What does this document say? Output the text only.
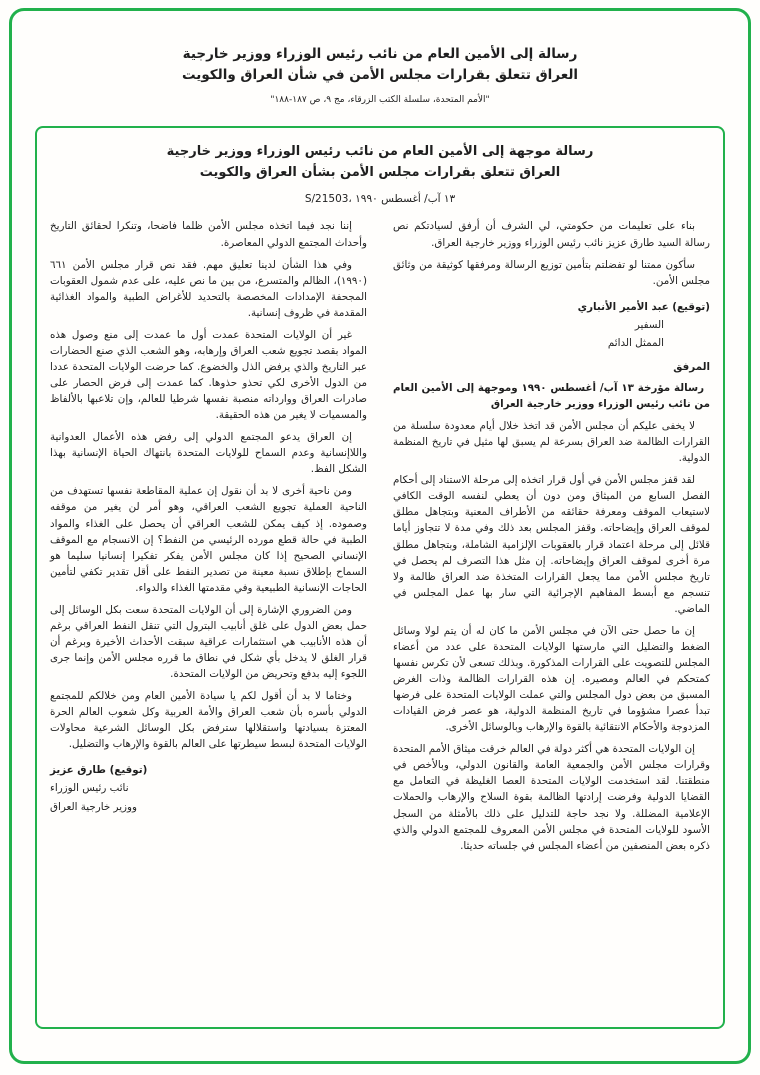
رسالة إلى الأمين العام من نائب رئيس الوزراء ووزير خارجية
العراق تتعلق بقرارات مجلس الأمن في شأن العراق والكويت
"الأمم المتحدة، سلسلة الكتب الزرقاء، مج ٩، ص ١٨٧-١٨٨"
رسالة موجهة إلى الأمين العام من نائب رئيس الوزراء ووزير خارجية
العراق تتعلق بقرارات مجلس الأمن بشأن العراق والكويت
S/21503، ١٣ آب/ أغسطس ١٩٩٠

بناء على تعليمات من حكومتي، لي الشرف أن أرفق لسيادتكم نص رسالة السيد طارق عزيز نائب رئيس الوزراء ووزير خارجية العراق.

سأكون ممتنا لو تفضلتم بتأمين توزيع الرسالة ومرفقها كوثيقة من وثائق مجلس الأمن.

(توقيع) عبد الأمير الأنباري

السفير

الممثل الدائم

المرفق

رسالة مؤرخة ١٣ آب/ أغسطس ١٩٩٠ وموجهة إلى الأمين العام من نائب رئيس الوزراء ووزير خارجية العراق

لا يخفى عليكم أن مجلس الأمن قد اتخذ خلال أيام معدودة سلسلة من القرارات الظالمة ضد العراق بسرعة لم يسبق لها مثيل في تاريخ المنظمة الدولية.

لقد قفز مجلس الأمن في أول قرار اتخذه إلى مرحلة الاستناد إلى أحكام الفصل السابع من الميثاق ومن دون أن يعطي لنفسه الوقت الكافي لاستيعاب الموقف ومعرفة حقائقه من الأطراف المعنية وبتجاهل مطلق لموقف العراق وإيضاحاته. وقفز المجلس بعد ذلك وفي مدة لا تتجاوز أياما قلائل إلى مرحلة اعتماد قرار بالعقوبات الإلزامية الشاملة، وبتجاهل مطلق مرة أخرى لموقف العراق وإيضاحاته. إن مثل هذا التصرف لم يحصل في تاريخ مجلس الأمن مما يجعل القرارات المتخذة ضد العراق ظالمة ولا تنسجم مع أبسط المفاهيم الإجرائية التي سار بها عمل المجلس في الماضي.

إن ما حصل حتى الآن في مجلس الأمن ما كان له أن يتم لولا وسائل الضغط والتضليل التي مارستها الولايات المتحدة على عدد من أعضاء المجلس للتصويت على القرارات المذكورة. وبذلك تسعى لأن تكرس نفسها كمتحكم في العالم ومصيره. إن هذه القرارات الظالمة وذات الغرض المسبق من بعض دول المجلس والتي عملت الولايات المتحدة على فرضها تبدأ عصرا مشؤوما في تاريخ المنظمة الدولية، هو عصر فرض القيادات المزدوجة والأحكام الانتقائية بالقوة والإرهاب وبالوسائل الأخرى.

إن الولايات المتحدة هي أكثر دولة في العالم خرقت ميثاق الأمم المتحدة وقرارات مجلس الأمن والجمعية العامة والقانون الدولي، وبالأخص في منطقتنا. لقد استخدمت الولايات المتحدة العصا الغليظة في التعامل مع القضايا الدولية وفرضت إرادتها الظالمة بقوة السلاح والإرهاب والحملات الإعلامية المضللة. ولا نجد حاجة للتدليل على ذلك بالأمثلة من السجل الأسود للولايات المتحدة في مجلس الأمن المعروف للمجتمع الدولي والذي ذكره بعض المنصفين من أعضاء المجلس في جلساته حديثا.

إننا نجد فيما اتخذه مجلس الأمن ظلما فاضحا، وتنكرا لحقائق التاريخ وأحداث المجتمع الدولي المعاصرة.

وفي هذا الشأن لدينا تعليق مهم. فقد نص قرار مجلس الأمن ٦٦١ (١٩٩٠)، الظالم والمتسرع، من بين ما نص عليه، على عدم شمول العقوبات المجحفة الإمدادات المخصصة بالتحديد للأغراض الطبية والمواد الغذائية المقدمة في ظروف إنسانية.

غير أن الولايات المتحدة عمدت أول ما عمدت إلى منع وصول هذه المواد بقصد تجويع شعب العراق وإرهابه، وهو الشعب الذي صنع الحضارات عبر التاريخ والذي يرفض الذل والخضوع. كما حرضت الولايات المتحدة عددا من الدول الأخرى لكي تحذو حذوها. كما عمدت إلى فرض الحصار على صادرات العراق ووارداته منصبة نفسها شرطيا للعالم، وإن تلاعبها بالألفاظ والمسميات لا يغير من هذه الحقيقة.

إن العراق يدعو المجتمع الدولي إلى رفض هذه الأعمال العدوانية واللاإنسانية وعدم السماح للولايات المتحدة بانتهاك الحياة الإنسانية بهذا الشكل الفظ.

ومن ناحية أخرى لا بد أن نقول إن عملية المقاطعة نفسها تستهدف من الناحية العملية تجويع الشعب العراقي، وهو أمر لن يغير من موقفه وصموده. إذ كيف يمكن للشعب العراقي أن يحصل على الغذاء والمواد الطبية في حالة قطع مورده الرئيسي من النفط؟ إن الانسجام مع الموقف الإنساني الصحيح إذا كان مجلس الأمن يفكر تفكيرا إنسانيا سليما هو السماح بإطلاق نسبة معينة من تصدير النفط على أقل تقدير تكفي لتأمين الحاجات الإنسانية الطبيعية وفي مقدمتها الغذاء والدواء.

ومن الضروري الإشارة إلى أن الولايات المتحدة سعت بكل الوسائل إلى حمل بعض الدول على غلق أنابيب البترول التي تنقل النفط العراقي برغم أن هذه الأنابيب هي استثمارات عراقية سبقت الأحداث الأخيرة وبرغم أن قرار الغلق لا يدخل بأي شكل في نطاق ما قرره مجلس الأمن وإنما جرى اللجوء إليه بدفع وتحريض من الولايات المتحدة.

وختاما لا بد أن أقول لكم يا سيادة الأمين العام ومن خلالكم للمجتمع الدولي بأسره بأن شعب العراق والأمة العربية وكل شعوب العالم الحرة المعتزة بسيادتها واستقلالها سترفض بكل الوسائل الشرعية محاولات الولايات المتحدة لبسط سيطرتها على العالم بالقوة والإرهاب والتضليل.

(توقيع) طارق عزيز

نائب رئيس الوزراء

ووزير خارجية العراق
